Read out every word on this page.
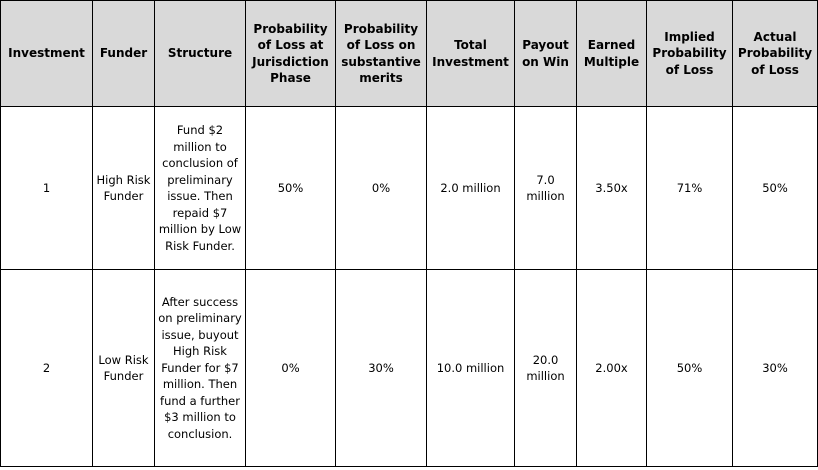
Investment	Funder	Structure	Probability of Loss at Jurisdiction Phase	Probability of Loss on substantive merits	Total Investment	Payout on Win	Earned Multiple	Implied Probability of Loss	Actual Probability of Loss
1	High Risk Funder	Fund $2 million to conclusion of preliminary issue. Then repaid $7 million by Low Risk Funder.	50%	0%	2.0 million	7.0 million	3.50x	71%	50%
2	Low Risk Funder	After success on preliminary issue, buyout High Risk Funder for $7 million. Then fund a further $3 million to conclusion.	0%	30%	10.0 million	20.0 million	2.00x	50%	30%
